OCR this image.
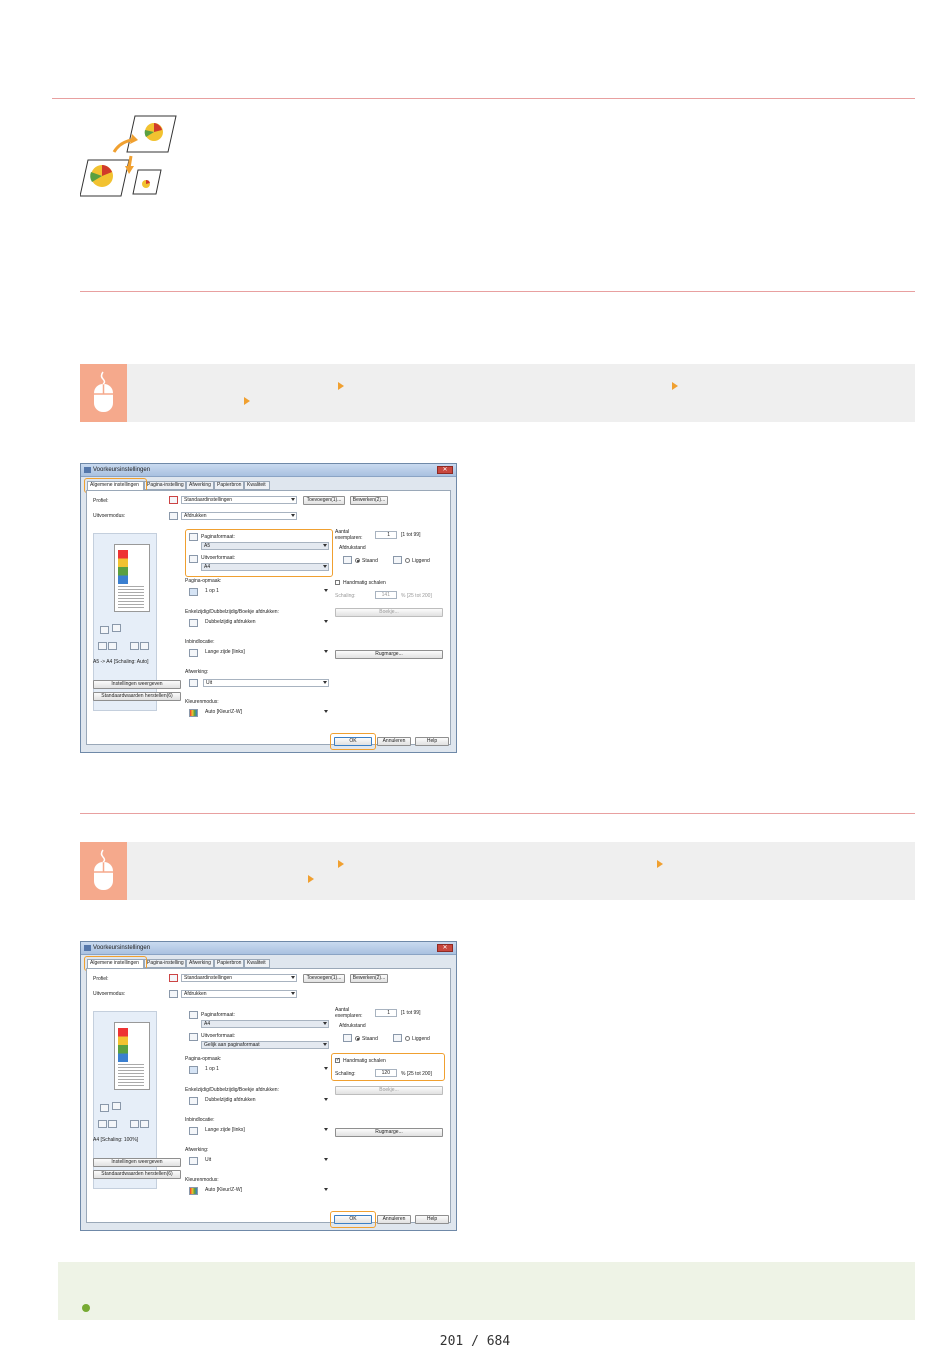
Voorkeursinstellingen	✕
Algemene instellingen	Pagina-instelling	Afwerking	Papierbron	Kwaliteit
Profiel:	Standaardinstellingen	Toevoegen(1)...	Bewerken(2)...
Uitvoermodus:	Afdrukken
A5 -> A4 [Schaling: Auto]
Instellingen weergeven
Standaardwaarden herstellen(6)
Paginaformaat:
A5
Uitvoerformaat:
A4
Pagina-opmaak:
1 op 1
Enkelzijdig/Dubbelzijdig/Boekje afdrukken:
Dubbelzijdig afdrukken
Inbindlocatie:
Lange zijde [links]
Afwerking:
Uit
Kleurenmodus:
Auto [Kleur/Z-W]
Aantal exemplaren:	1	[1 tot 99]
Afdrukstand
Staand	Liggend
Handmatig schalen
Schaling:	141	% [25 tot 200]
Boekje...
Rugmarge...
OK	Annuleren	Help
Voorkeursinstellingen	✕
Algemene instellingen	Pagina-instelling	Afwerking	Papierbron	Kwaliteit
Profiel:	Standaardinstellingen	Toevoegen(1)...	Bewerken(2)...
Uitvoermodus:	Afdrukken
A4 [Schaling: 100%]
Instellingen weergeven
Standaardwaarden herstellen(6)
Paginaformaat:
A4
Uitvoerformaat:
Gelijk aan paginaformaat
Pagina-opmaak:
1 op 1
Enkelzijdig/Dubbelzijdig/Boekje afdrukken:
Dubbelzijdig afdrukken
Inbindlocatie:
Lange zijde [links]
Afwerking:
Uit
Kleurenmodus:
Auto [Kleur/Z-W]
Aantal exemplaren:	1	[1 tot 99]
Afdrukstand
Staand	Liggend
✓ Handmatig schalen
Schaling:	120	% [25 tot 200]
Boekje...
Rugmarge...
OK	Annuleren	Help
201 / 684
